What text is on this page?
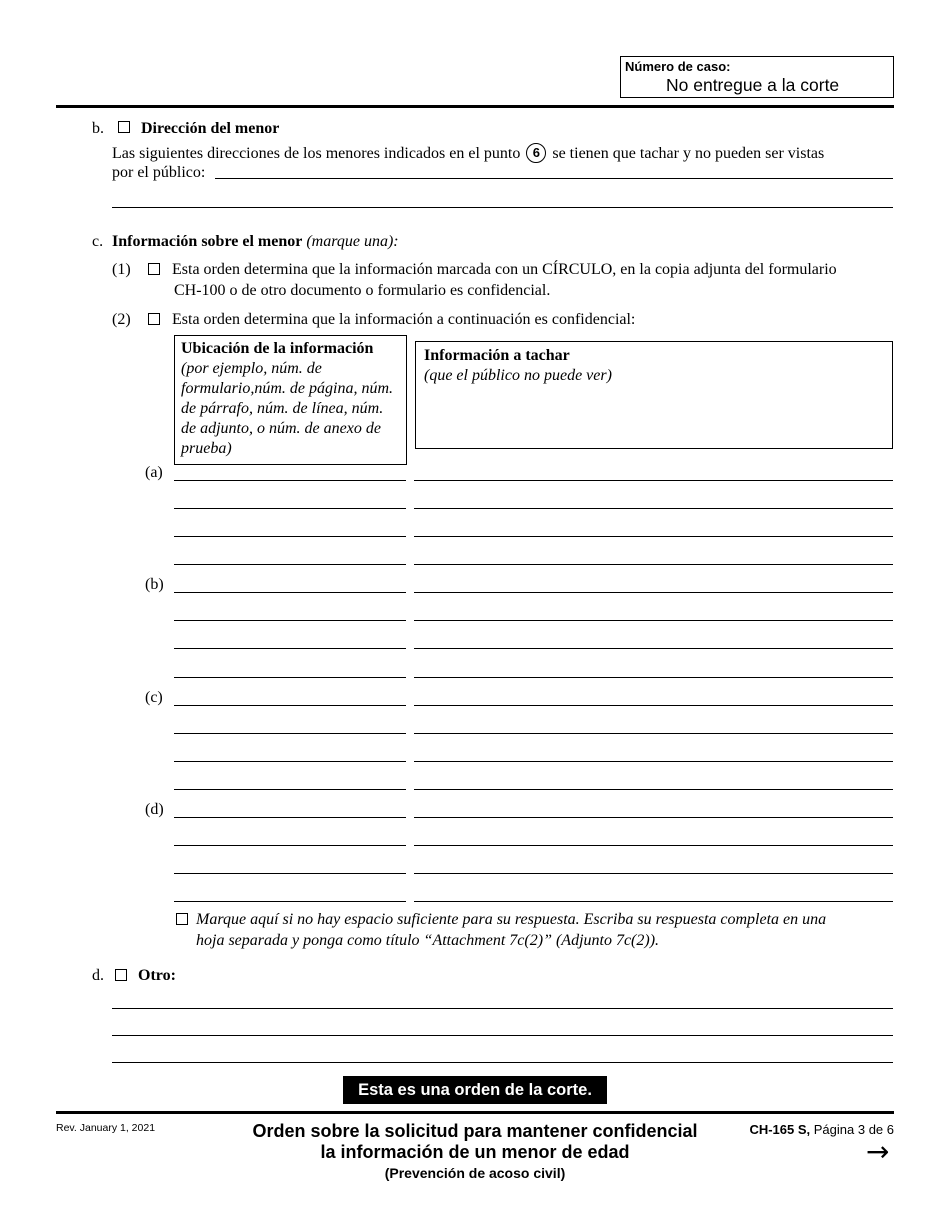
Número de caso:
No entregue a la corte
b. Dirección del menor
Las siguientes direcciones de los menores indicados en el punto 6 se tienen que tachar y no pueden ser vistas
por el público:
c. Información sobre el menor (marque una):
(1)	Esta orden determina que la información marcada con un CÍRCULO, en la copia adjunta del formulario
CH-100 o de otro documento o formulario es confidencial.
(2)	Esta orden determina que la información a continuación es confidencial:
Ubicación de la información
(por ejemplo, núm. de formulario,núm. de página, núm. de párrafo, núm. de línea, núm. de adjunto, o núm. de anexo de prueba)
Información a tachar
(que el público no puede ver)
(a)
(b)
(c)
(d)
Marque aquí si no hay espacio suficiente para su respuesta. Escriba su respuesta completa en una
hoja separada y ponga como título “Attachment 7c(2)” (Adjunto 7c(2)).
d. Otro:
Esta es una orden de la corte.
Rev. January 1, 2021	Orden sobre la solicitud para mantener confidencial
la información de un menor de edad
(Prevención de acoso civil)
CH-165 S, Página 3 de 6
→
